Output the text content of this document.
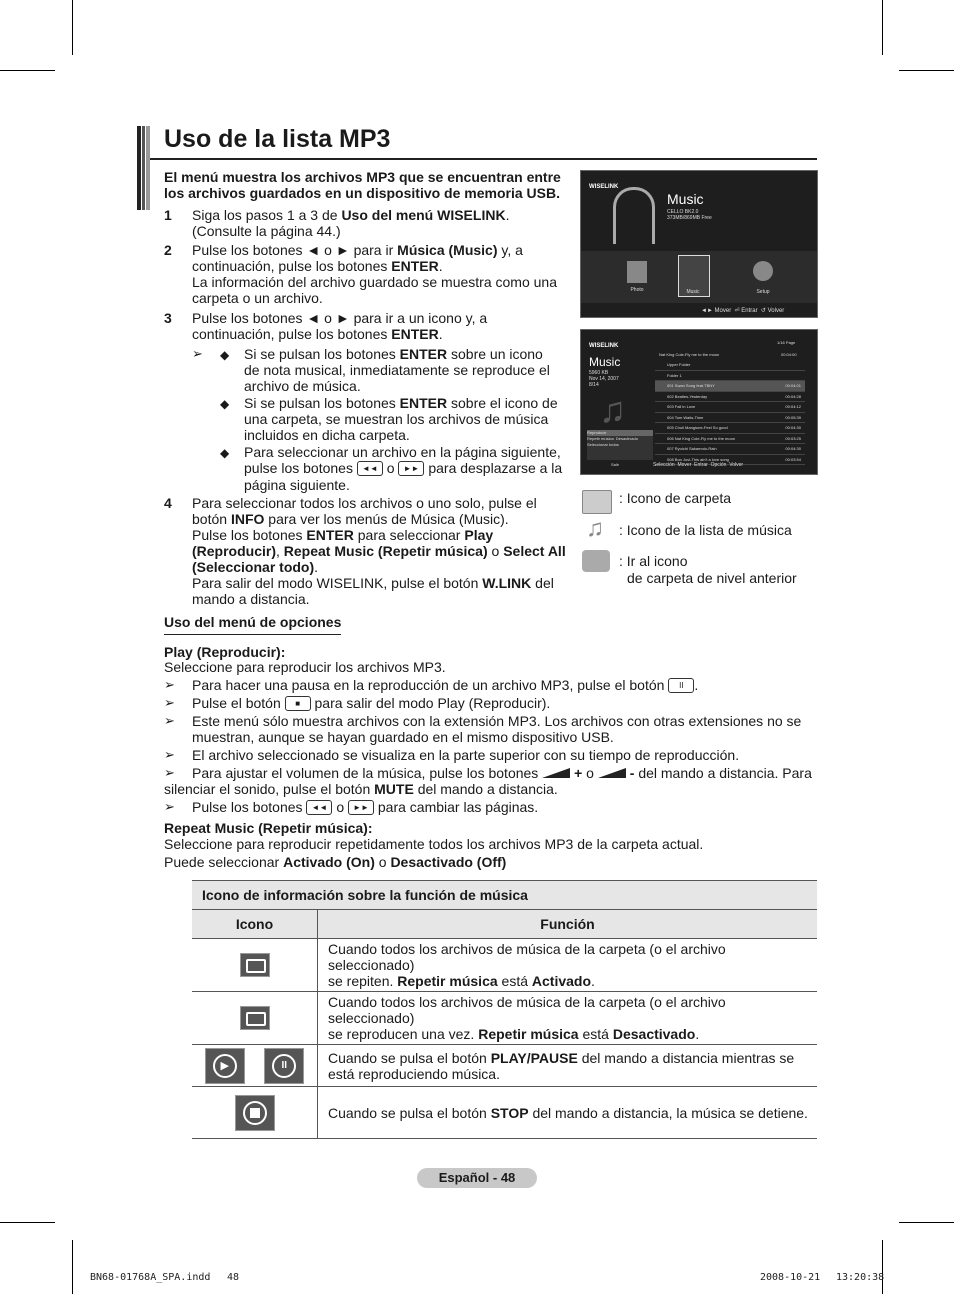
Uso de la lista MP3
El menú muestra los archivos MP3 que se encuentran entre los archivos guardados en un dispositivo de memoria USB.
1 Siga los pasos 1 a 3 de Uso del menú WISELINK.
(Consulte la página 44.)
2 Pulse los botones ◄ o ► para ir Música (Music) y, a
continuación, pulse los botones ENTER.
La información del archivo guardado se muestra como una carpeta o un archivo.
3 Pulse los botones ◄ o ► para ir a un icono y, a
continuación, pulse los botones ENTER.
➢ ◆ Si se pulsan los botones ENTER sobre un icono
de nota musical, inmediatamente se reproduce el
archivo de música.
◆ Si se pulsan los botones ENTER sobre el icono de
una carpeta, se muestran los archivos de música
incluidos en dicha carpeta.
◆ Para seleccionar un archivo en la página siguiente,
pulse los botones ◄◄ o ►► para desplazarse a la
página siguiente.
4 Para seleccionar todos los archivos o uno solo, pulse el
botón INFO para ver los menús de Música (Music).
Pulse los botones ENTER para seleccionar Play
(Reproducir), Repeat Music (Repetir música) o Select All
(Seleccionar todo).
Para salir del modo WISELINK, pulse el botón W.LINK del
mando a distancia.
WISELINK
Music
CELLO BK2.0
373MB/869MB Free
Photo	Music	Setup
◄► Mover  ⏎ Entrar  ↺ Volver
WISELINK
1/16 Page
Music
5960 KB
Nov 14, 2007
8/14
♫
Reproducir
Repetir música Desactivado
Seleccionar todos
Salir
Nat King Cole-Fly me to the moon	00:04:00
Upper Folder
Folder 1
001 Swan Song feat.TBNY	00:04:01
002 Beatles-Yesterday	00:04:28
003 Fall in Love	00:04:12
004 Tom Waits-Time	00:05:39
005 Chuli Mangione-Feel So good	00:04:30
006 Nat King Cole-Fly me to the moon	00:03:25
007 Ryuichi Sakamoto-Rain	00:04:30
008 Bon Jovi-This ain't a love song	00:03:54
Selección Mover Entrar Opción Volver
: Icono de carpeta
♫ : Icono de la lista de música
: Ir al icono
de carpeta de nivel anterior
Uso del menú de opciones
Play (Reproducir):
Seleccione para reproducir los archivos MP3.
➢ Para hacer una pausa en la reproducción de un archivo MP3, pulse el botón II .
➢ Pulse el botón ■ para salir del modo Play (Reproducir).
➢ Este menú sólo muestra archivos con la extensión MP3. Los archivos con otras extensiones no se
muestran, aunque se hayan guardado en el mismo dispositivo USB.
➢ El archivo seleccionado se visualiza en la parte superior con su tiempo de reproducción.
➢ Para ajustar el volumen de la música, pulse los botones	+ o	- del mando a distancia. Para
silenciar el sonido, pulse el botón MUTE del mando a distancia.
➢ Pulse los botones ◄◄ o ►► para cambiar las páginas.
Repeat Music (Repetir música):
Seleccione para reproducir repetidamente todos los archivos MP3 de la carpeta actual.
Puede seleccionar Activado (On) o Desactivado (Off)
Icono de información sobre la función de música	
Icono	Función

	Cuando todos los archivos de música de la carpeta (o el archivo seleccionado)
se repiten. Repetir música está Activado.

	Cuando todos los archivos de música de la carpeta (o el archivo seleccionado)
se reproducen una vez. Repetir música está Desactivado.

▶
II	Cuando se pulsa el botón PLAY/PAUSE del mando a distancia mientras se
está reproduciendo música.

	Cuando se pulsa el botón STOP del mando a distancia, la música se detiene.
Español - 48
BN68-01768A_SPA.indd 48	2008-10-21 13:20:38
